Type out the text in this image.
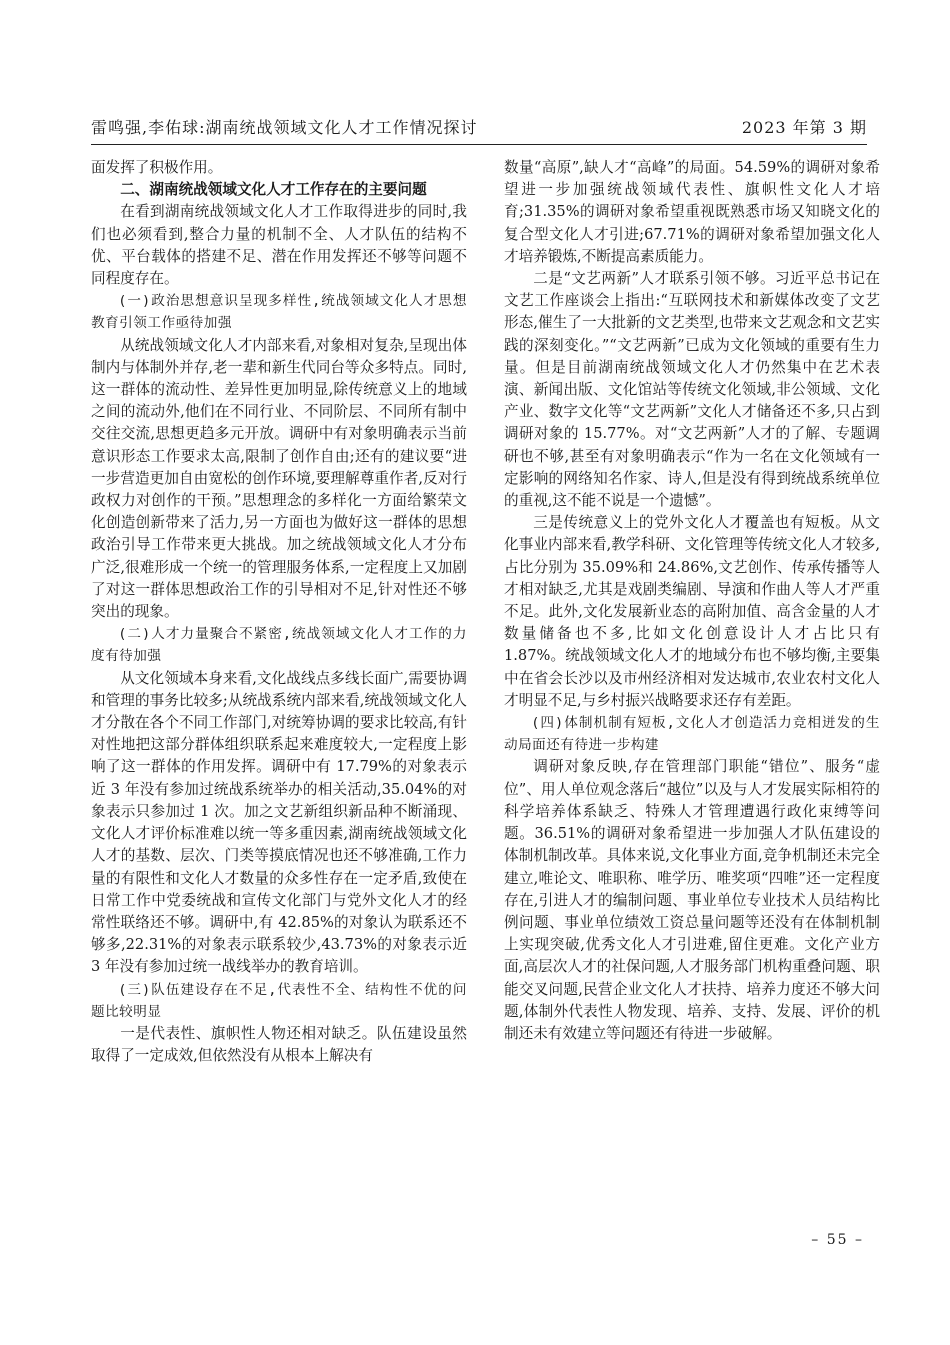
雷鸣强,李佑球:湖南统战领域文化人才工作情况探讨	2023 年第 3 期

面发挥了积极作用。

二、湖南统战领域文化人才工作存在的主要问题

在看到湖南统战领域文化人才工作取得进步的同时,我们也必须看到,整合力量的机制不全、人才队伍的结构不优、平台载体的搭建不足、潜在作用发挥还不够等问题不同程度存在。

(一)政治思想意识呈现多样性,统战领域文化人才思想教育引领工作亟待加强

从统战领域文化人才内部来看,对象相对复杂,呈现出体制内与体制外并存,老一辈和新生代同台等众多特点。同时,这一群体的流动性、差异性更加明显,除传统意义上的地域之间的流动外,他们在不同行业、不同阶层、不同所有制中交往交流,思想更趋多元开放。调研中有对象明确表示当前意识形态工作要求太高,限制了创作自由;还有的建议要“进一步营造更加自由宽松的创作环境,要理解尊重作者,反对行政权力对创作的干预。”思想理念的多样化一方面给繁荣文化创造创新带来了活力,另一方面也为做好这一群体的思想政治引导工作带来更大挑战。加之统战领域文化人才分布广泛,很难形成一个统一的管理服务体系,一定程度上又加剧了对这一群体思想政治工作的引导相对不足,针对性还不够突出的现象。

(二)人才力量聚合不紧密,统战领域文化人才工作的力度有待加强

从文化领域本身来看,文化战线点多线长面广,需要协调和管理的事务比较多;从统战系统内部来看,统战领域文化人才分散在各个不同工作部门,对统筹协调的要求比较高,有针对性地把这部分群体组织联系起来难度较大,一定程度上影响了这一群体的作用发挥。调研中有 17.79%的对象表示近 3 年没有参加过统战系统举办的相关活动,35.04%的对象表示只参加过 1 次。加之文艺新组织新品种不断涌现、文化人才评价标准难以统一等多重因素,湖南统战领域文化人才的基数、层次、门类等摸底情况也还不够准确,工作力量的有限性和文化人才数量的众多性存在一定矛盾,致使在日常工作中党委统战和宣传文化部门与党外文化人才的经常性联络还不够。调研中,有 42.85%的对象认为联系还不够多,22.31%的对象表示联系较少,43.73%的对象表示近 3 年没有参加过统一战线举办的教育培训。

(三)队伍建设存在不足,代表性不全、结构性不优的问题比较明显

一是代表性、旗帜性人物还相对缺乏。队伍建设虽然取得了一定成效,但依然没有从根本上解决有

数量“高原”,缺人才“高峰”的局面。54.59%的调研对象希望进一步加强统战领域代表性、旗帜性文化人才培育;31.35%的调研对象希望重视既熟悉市场又知晓文化的复合型文化人才引进;67.71%的调研对象希望加强文化人才培养锻炼,不断提高素质能力。

二是“文艺两新”人才联系引领不够。习近平总书记在文艺工作座谈会上指出:“互联网技术和新媒体改变了文艺形态,催生了一大批新的文艺类型,也带来文艺观念和文艺实践的深刻变化。”“文艺两新”已成为文化领域的重要有生力量。但是目前湖南统战领域文化人才仍然集中在艺术表演、新闻出版、文化馆站等传统文化领域,非公领域、文化产业、数字文化等“文艺两新”文化人才储备还不多,只占到调研对象的 15.77%。对“文艺两新”人才的了解、专题调研也不够,甚至有对象明确表示“作为一名在文化领域有一定影响的网络知名作家、诗人,但是没有得到统战系统单位的重视,这不能不说是一个遗憾”。

三是传统意义上的党外文化人才覆盖也有短板。从文化事业内部来看,教学科研、文化管理等传统文化人才较多,占比分别为 35.09%和 24.86%,文艺创作、传承传播等人才相对缺乏,尤其是戏剧类编剧、导演和作曲人等人才严重不足。此外,文化发展新业态的高附加值、高含金量的人才数量储备也不多,比如文化创意设计人才占比只有 1.87%。统战领域文化人才的地域分布也不够均衡,主要集中在省会长沙以及市州经济相对发达城市,农业农村文化人才明显不足,与乡村振兴战略要求还存有差距。

(四)体制机制有短板,文化人才创造活力竞相迸发的生动局面还有待进一步构建

调研对象反映,存在管理部门职能“错位”、服务“虚位”、用人单位观念落后“越位”以及与人才发展实际相符的科学培养体系缺乏、特殊人才管理遭遇行政化束缚等问题。36.51%的调研对象希望进一步加强人才队伍建设的体制机制改革。具体来说,文化事业方面,竞争机制还未完全建立,唯论文、唯职称、唯学历、唯奖项“四唯”还一定程度存在,引进人才的编制问题、事业单位专业技术人员结构比例问题、事业单位绩效工资总量问题等还没有在体制机制上实现突破,优秀文化人才引进难,留住更难。文化产业方面,高层次人才的社保问题,人才服务部门机构重叠问题、职能交叉问题,民营企业文化人才扶持、培养力度还不够大问题,体制外代表性人物发现、培养、支持、发展、评价的机制还未有效建立等问题还有待进一步破解。

– 55 –
